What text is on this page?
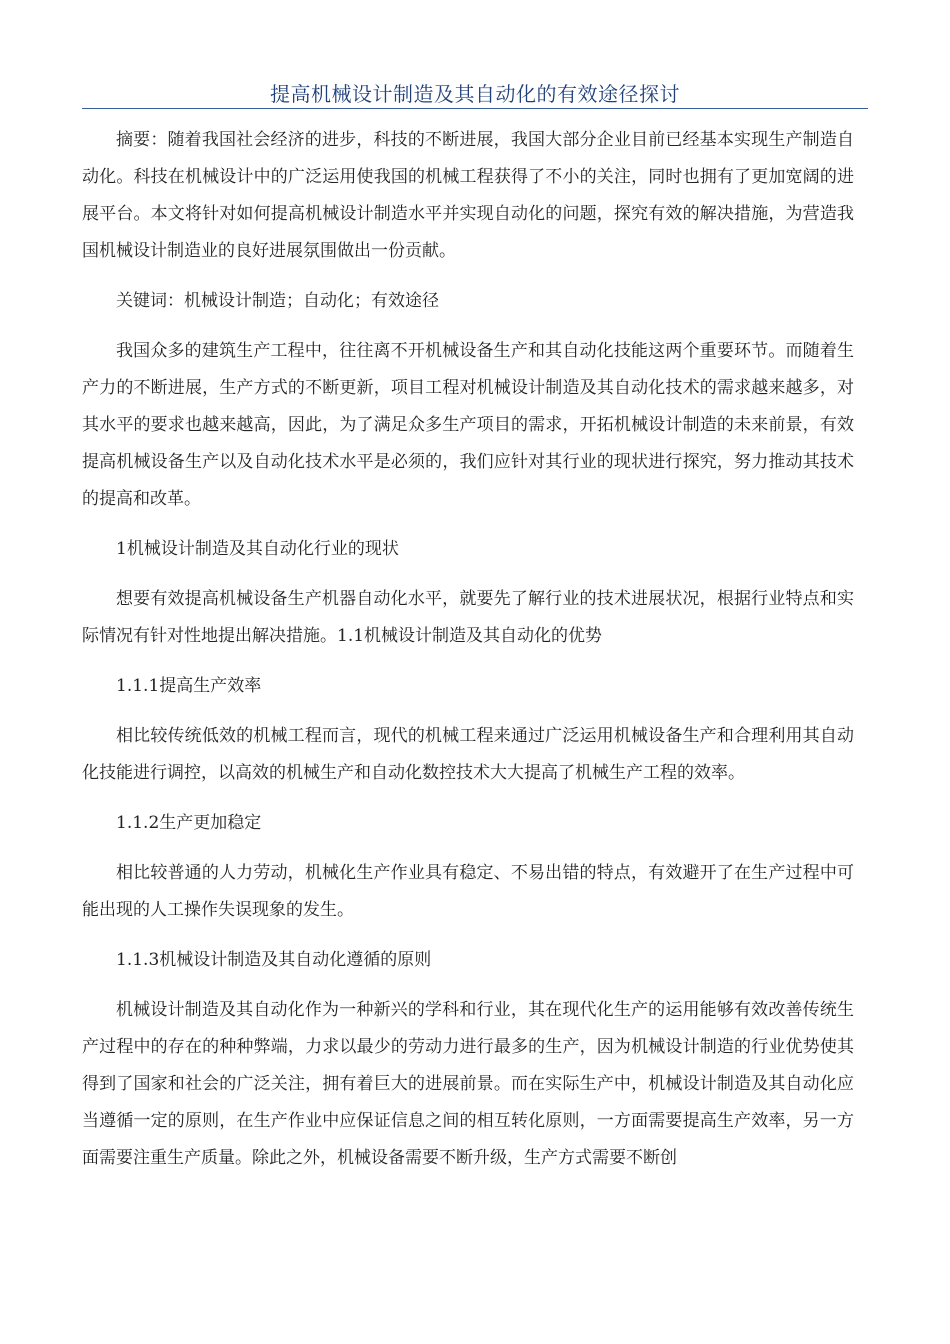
提高机械设计制造及其自动化的有效途径探讨

摘要：随着我国社会经济的进步，科技的不断进展，我国大部分企业目前已经基本实现生产制造自动化。科技在机械设计中的广泛运用使我国的机械工程获得了不小的关注，同时也拥有了更加宽阔的进展平台。本文将针对如何提高机械设计制造水平并实现自动化的问题，探究有效的解决措施，为营造我国机械设计制造业的良好进展氛围做出一份贡献。

关键词：机械设计制造；自动化；有效途径

我国众多的建筑生产工程中，往往离不开机械设备生产和其自动化技能这两个重要环节。而随着生产力的不断进展，生产方式的不断更新，项目工程对机械设计制造及其自动化技术的需求越来越多，对其水平的要求也越来越高，因此，为了满足众多生产项目的需求，开拓机械设计制造的未来前景，有效提高机械设备生产以及自动化技术水平是必须的，我们应针对其行业的现状进行探究，努力推动其技术的提高和改革。

1机械设计制造及其自动化行业的现状

想要有效提高机械设备生产机器自动化水平，就要先了解行业的技术进展状况，根据行业特点和实际情况有针对性地提出解决措施。1.1机械设计制造及其自动化的优势

1.1.1提高生产效率

相比较传统低效的机械工程而言，现代的机械工程来通过广泛运用机械设备生产和合理利用其自动化技能进行调控，以高效的机械生产和自动化数控技术大大提高了机械生产工程的效率。

1.1.2生产更加稳定

相比较普通的人力劳动，机械化生产作业具有稳定、不易出错的特点，有效避开了在生产过程中可能出现的人工操作失误现象的发生。

1.1.3机械设计制造及其自动化遵循的原则

机械设计制造及其自动化作为一种新兴的学科和行业，其在现代化生产的运用能够有效改善传统生产过程中的存在的种种弊端，力求以最少的劳动力进行最多的生产，因为机械设计制造的行业优势使其得到了国家和社会的广泛关注，拥有着巨大的进展前景。而在实际生产中，机械设计制造及其自动化应当遵循一定的原则，在生产作业中应保证信息之间的相互转化原则，一方面需要提高生产效率，另一方面需要注重生产质量。除此之外，机械设备需要不断升级，生产方式需要不断创
